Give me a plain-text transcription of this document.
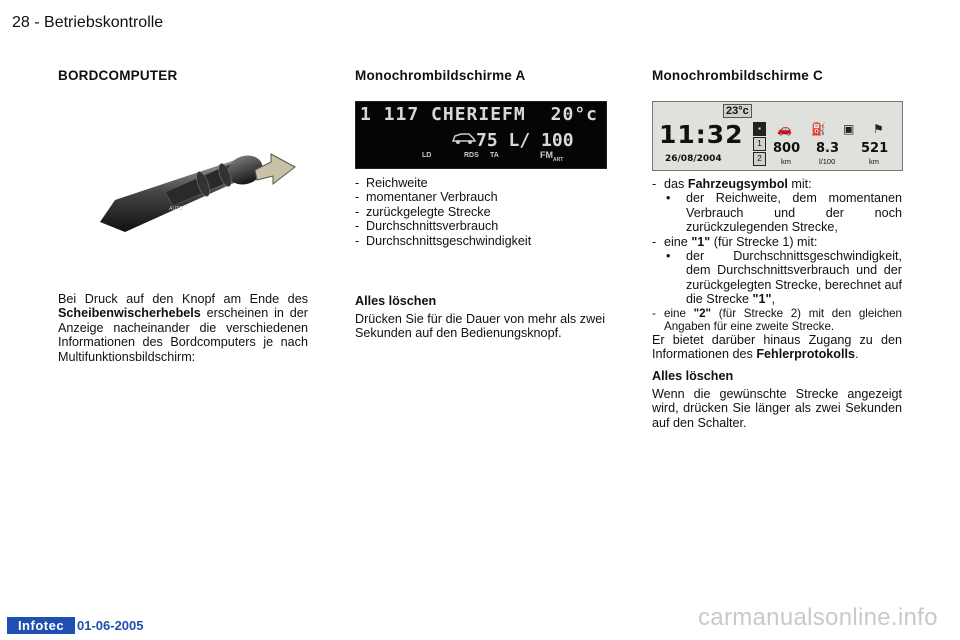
28 - Betriebskontrolle
BORDCOMPUTER
AUTO
Bei Druck auf den Knopf am Ende des Scheibenwischerhebels erscheinen in der Anzeige nacheinander die verschiedenen Informationen des Bordcomputers je nach Multifunktionsbildschirm:
Monochrombildschirme A
1 117 CHERIEFM 20°c
75 L/ 100
LD	RDS TA	FM ART
- Reichweite
- momentaner Verbrauch
- zurückgelegte Strecke
- Durchschnittsverbrauch
- Durchschnittsgeschwindigkeit
Alles löschen
Drücken Sie für die Dauer von mehr als zwei Sekunden auf den Bedienungsknopf.
Monochrombildschirme C
23°c
11:32
26/08/2004
▪
1
2
🚗 ⛽ ▣ ⚑
800
km
8.3
l/100
521
km
- das Fahrzeugsymbol mit:
• der Reichweite, dem momentanen Verbrauch und der noch zurückzulegenden Strecke,
- eine "1" (für Strecke 1) mit:
• der Durchschnittsgeschwindigkeit, dem Durchschnittsverbrauch und der zurückgelegten Strecke, berechnet auf die Strecke "1",
- eine "2" (für Strecke 2) mit den gleichen Angaben für eine zweite Strecke.
Er bietet darüber hinaus Zugang zu den Informationen des Fehlerprotokolls.
Alles löschen
Wenn die gewünschte Strecke angezeigt wird, drücken Sie länger als zwei Sekunden auf den Schalter.
Infotec 01-06-2005	carmanualsonline.info
